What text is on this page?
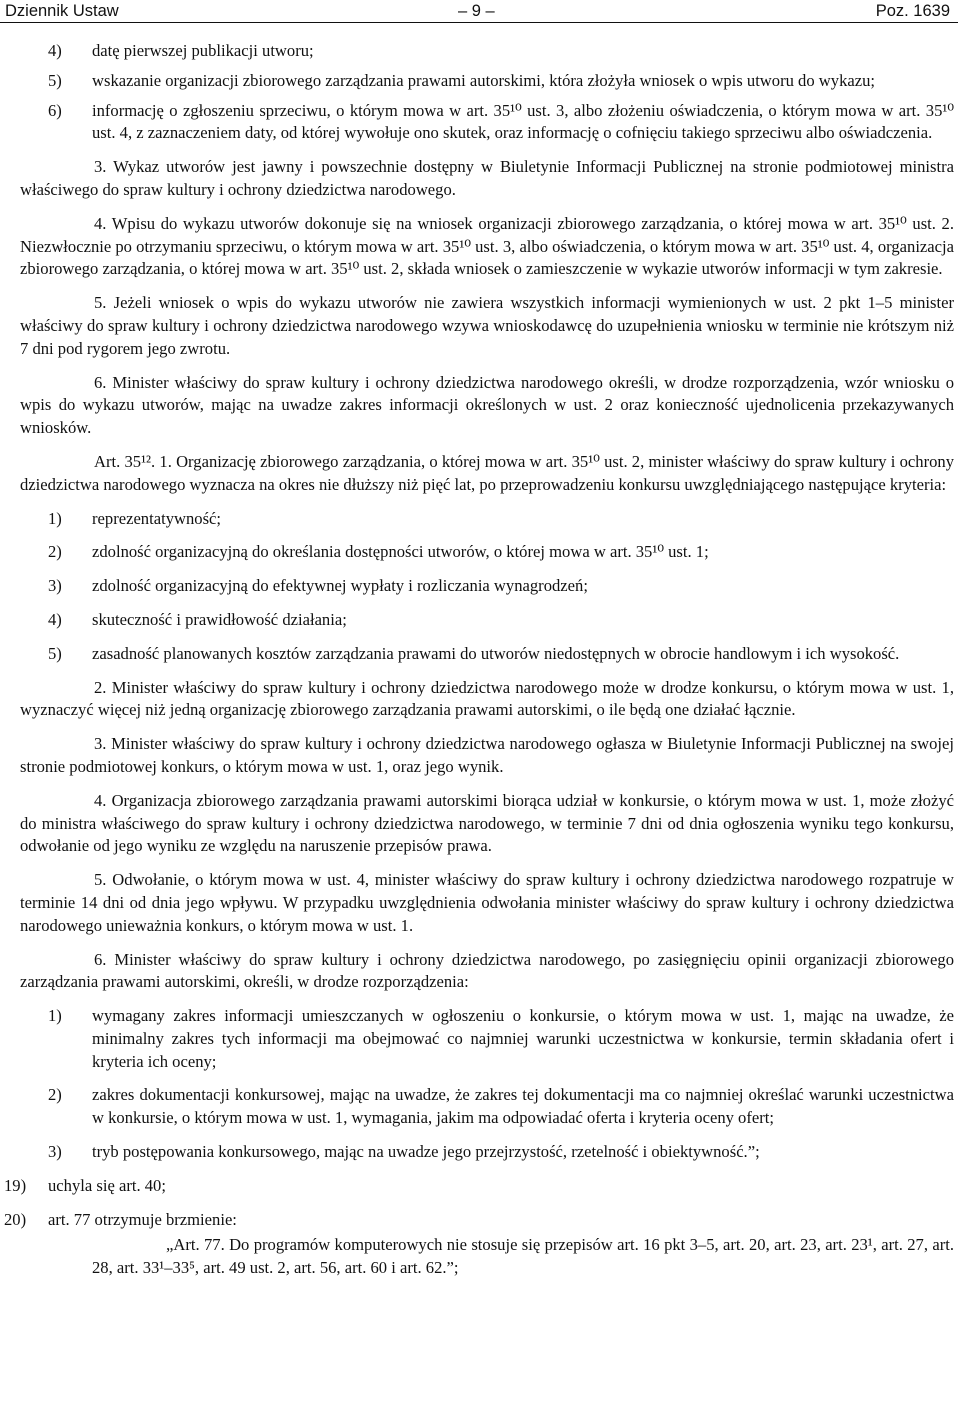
Dziennik Ustaw	– 9 –	Poz. 1639
4) datę pierwszej publikacji utworu;
5) wskazanie organizacji zbiorowego zarządzania prawami autorskimi, która złożyła wniosek o wpis utworu do wykazu;
6) informację o zgłoszeniu sprzeciwu, o którym mowa w art. 35¹⁰ ust. 3, albo złożeniu oświadczenia, o którym mowa w art. 35¹⁰ ust. 4, z zaznaczeniem daty, od której wywołuje ono skutek, oraz informację o cofnięciu takiego sprzeciwu albo oświadczenia.

3. Wykaz utworów jest jawny i powszechnie dostępny w Biuletynie Informacji Publicznej na stronie podmiotowej ministra właściwego do spraw kultury i ochrony dziedzictwa narodowego.

4. Wpisu do wykazu utworów dokonuje się na wniosek organizacji zbiorowego zarządzania, o której mowa w art. 35¹⁰ ust. 2. Niezwłocznie po otrzymaniu sprzeciwu, o którym mowa w art. 35¹⁰ ust. 3, albo oświadczenia, o którym mowa w art. 35¹⁰ ust. 4, organizacja zbiorowego zarządzania, o której mowa w art. 35¹⁰ ust. 2, składa wniosek o zamieszczenie w wykazie utworów informacji w tym zakresie.

5. Jeżeli wniosek o wpis do wykazu utworów nie zawiera wszystkich informacji wymienionych w ust. 2 pkt 1–5 minister właściwy do spraw kultury i ochrony dziedzictwa narodowego wzywa wnioskodawcę do uzupełnienia wniosku w terminie nie krótszym niż 7 dni pod rygorem jego zwrotu.

6. Minister właściwy do spraw kultury i ochrony dziedzictwa narodowego określi, w drodze rozporządzenia, wzór wniosku o wpis do wykazu utworów, mając na uwadze zakres informacji określonych w ust. 2 oraz konieczność ujednolicenia przekazywanych wniosków.

Art. 35¹². 1. Organizację zbiorowego zarządzania, o której mowa w art. 35¹⁰ ust. 2, minister właściwy do spraw kultury i ochrony dziedzictwa narodowego wyznacza na okres nie dłuższy niż pięć lat, po przeprowadzeniu konkursu uwzględniającego następujące kryteria:

1) reprezentatywność;
2) zdolność organizacyjną do określania dostępności utworów, o której mowa w art. 35¹⁰ ust. 1;
3) zdolność organizacyjną do efektywnej wypłaty i rozliczania wynagrodzeń;
4) skuteczność i prawidłowość działania;
5) zasadność planowanych kosztów zarządzania prawami do utworów niedostępnych w obrocie handlowym i ich wysokość.

2. Minister właściwy do spraw kultury i ochrony dziedzictwa narodowego może w drodze konkursu, o którym mowa w ust. 1, wyznaczyć więcej niż jedną organizację zbiorowego zarządzania prawami autorskimi, o ile będą one działać łącznie.

3. Minister właściwy do spraw kultury i ochrony dziedzictwa narodowego ogłasza w Biuletynie Informacji Publicznej na swojej stronie podmiotowej konkurs, o którym mowa w ust. 1, oraz jego wynik.

4. Organizacja zbiorowego zarządzania prawami autorskimi biorąca udział w konkursie, o którym mowa w ust. 1, może złożyć do ministra właściwego do spraw kultury i ochrony dziedzictwa narodowego, w terminie 7 dni od dnia ogłoszenia wyniku tego konkursu, odwołanie od jego wyniku ze względu na naruszenie przepisów prawa.

5. Odwołanie, o którym mowa w ust. 4, minister właściwy do spraw kultury i ochrony dziedzictwa narodowego rozpatruje w terminie 14 dni od dnia jego wpływu. W przypadku uwzględnienia odwołania minister właściwy do spraw kultury i ochrony dziedzictwa narodowego unieważnia konkurs, o którym mowa w ust. 1.

6. Minister właściwy do spraw kultury i ochrony dziedzictwa narodowego, po zasięgnięciu opinii organizacji zbiorowego zarządzania prawami autorskimi, określi, w drodze rozporządzenia:

1) wymagany zakres informacji umieszczanych w ogłoszeniu o konkursie, o którym mowa w ust. 1, mając na uwadze, że minimalny zakres tych informacji ma obejmować co najmniej warunki uczestnictwa w konkursie, termin składania ofert i kryteria ich oceny;
2) zakres dokumentacji konkursowej, mając na uwadze, że zakres tej dokumentacji ma co najmniej określać warunki uczestnictwa w konkursie, o którym mowa w ust. 1, wymagania, jakim ma odpowiadać oferta i kryteria oceny ofert;
3) tryb postępowania konkursowego, mając na uwadze jego przejrzystość, rzetelność i obiektywność.”;
19) uchyla się art. 40;
20) art. 77 otrzymuje brzmienie:

„Art. 77. Do programów komputerowych nie stosuje się przepisów art. 16 pkt 3–5, art. 20, art. 23, art. 23¹, art. 27, art. 28, art. 33¹–33⁵, art. 49 ust. 2, art. 56, art. 60 i art. 62.”;
